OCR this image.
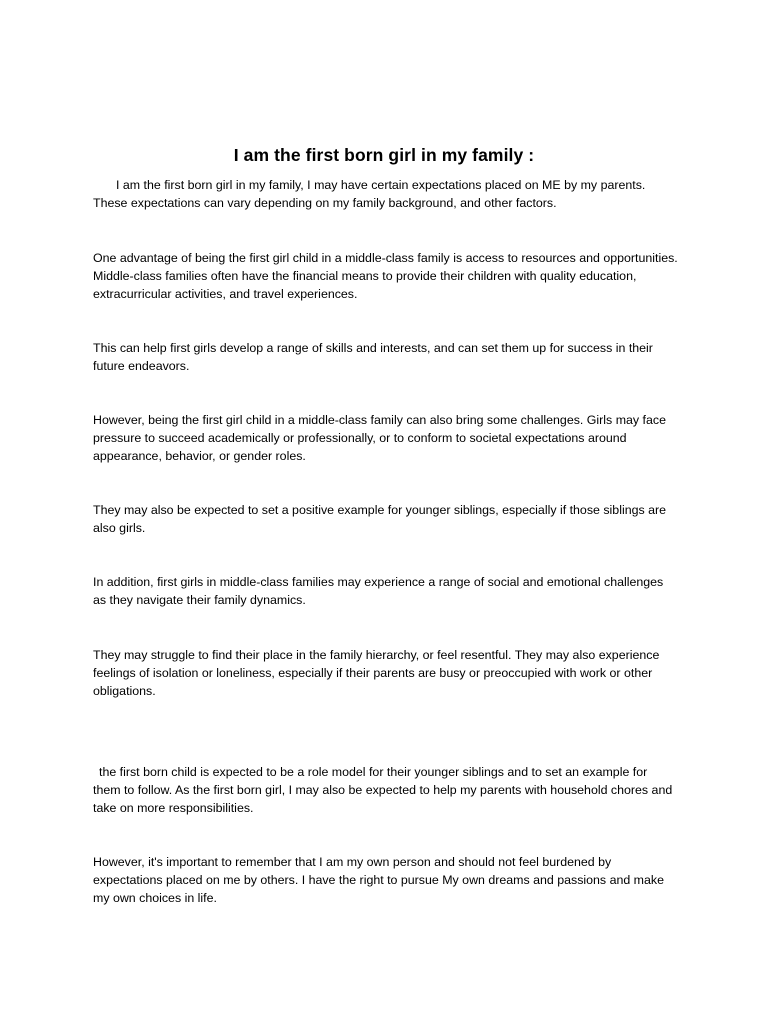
I am the first born girl in my family :

I am the first born girl in my family, I may have certain expectations placed on ME by my parents. These expectations can vary depending on my family background, and other factors.

One advantage of being the first girl child in a middle-class family is access to resources and opportunities. Middle-class families often have the financial means to provide their children with quality education, extracurricular activities, and travel experiences.

This can help first girls develop a range of skills and interests, and can set them up for success in their future endeavors.

However, being the first girl child in a middle-class family can also bring some challenges. Girls may face pressure to succeed academically or professionally, or to conform to societal expectations around appearance, behavior, or gender roles.

They may also be expected to set a positive example for younger siblings, especially if those siblings are also girls.

In addition, first girls in middle-class families may experience a range of social and emotional challenges as they navigate their family dynamics.

They may struggle to find their place in the family hierarchy, or feel resentful. They may also experience feelings of isolation or loneliness, especially if their parents are busy or preoccupied with work or other obligations.

the first born child is expected to be a role model for their younger siblings and to set an example for them to follow. As the first born girl, I may also be expected to help my parents with household chores and take on more responsibilities.

However, it's important to remember that I am my own person and should not feel burdened by expectations placed on me by others. I have the right to pursue My own dreams and passions and make my own choices in life.
